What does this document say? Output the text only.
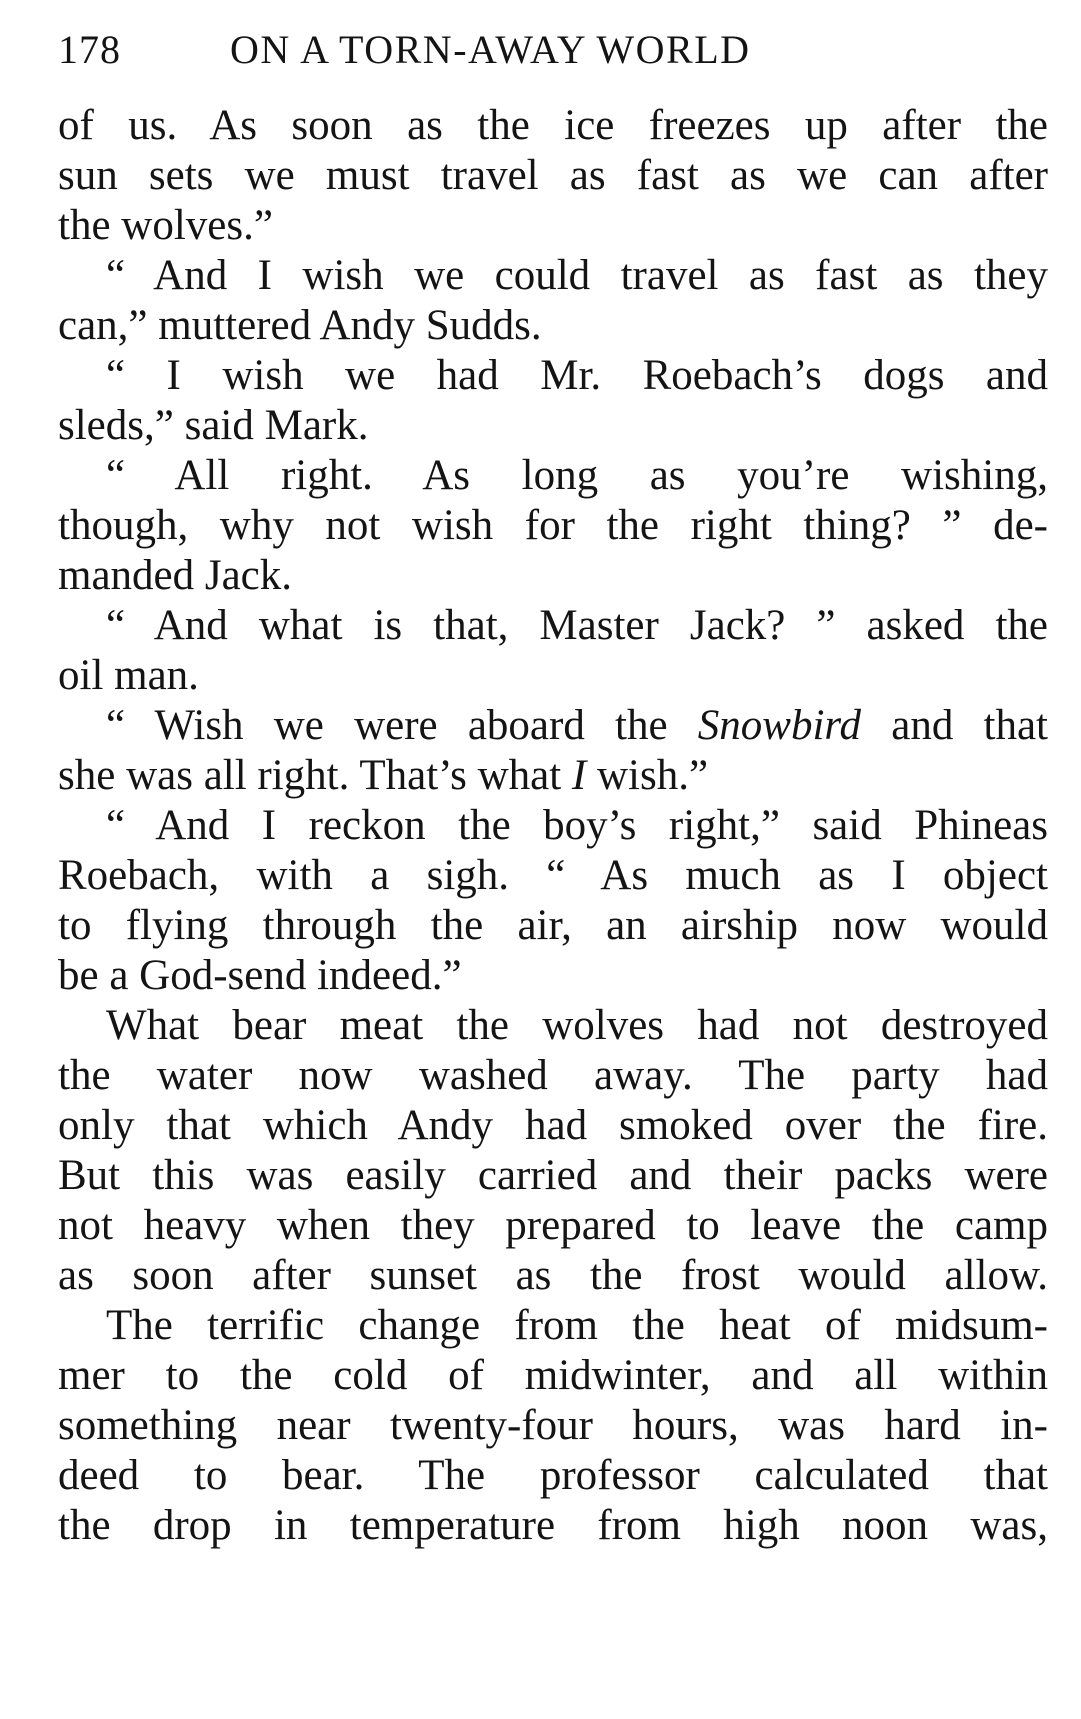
178	ON A TORN-AWAY WORLD

of us. As soon as the ice freezes up after the
sun sets we must travel as fast as we can after
the wolves.”

“ And I wish we could travel as fast as they
can,” muttered Andy Sudds.

“ I wish we had Mr. Roebach’s dogs and
sleds,” said Mark.

“ All right. As long as you’re wishing,
though, why not wish for the right thing? ” de-
manded Jack.

“ And what is that, Master Jack? ” asked the
oil man.

“ Wish we were aboard the Snowbird and that
she was all right. That’s what I wish.”

“ And I reckon the boy’s right,” said Phineas
Roebach, with a sigh. “ As much as I object
to flying through the air, an airship now would
be a God-send indeed.”

What bear meat the wolves had not destroyed
the water now washed away. The party had
only that which Andy had smoked over the fire.
But this was easily carried and their packs were
not heavy when they prepared to leave the camp
as soon after sunset as the frost would allow.

The terrific change from the heat of midsum-
mer to the cold of midwinter, and all within
something near twenty-four hours, was hard in-
deed to bear. The professor calculated that
the drop in temperature from high noon was,
